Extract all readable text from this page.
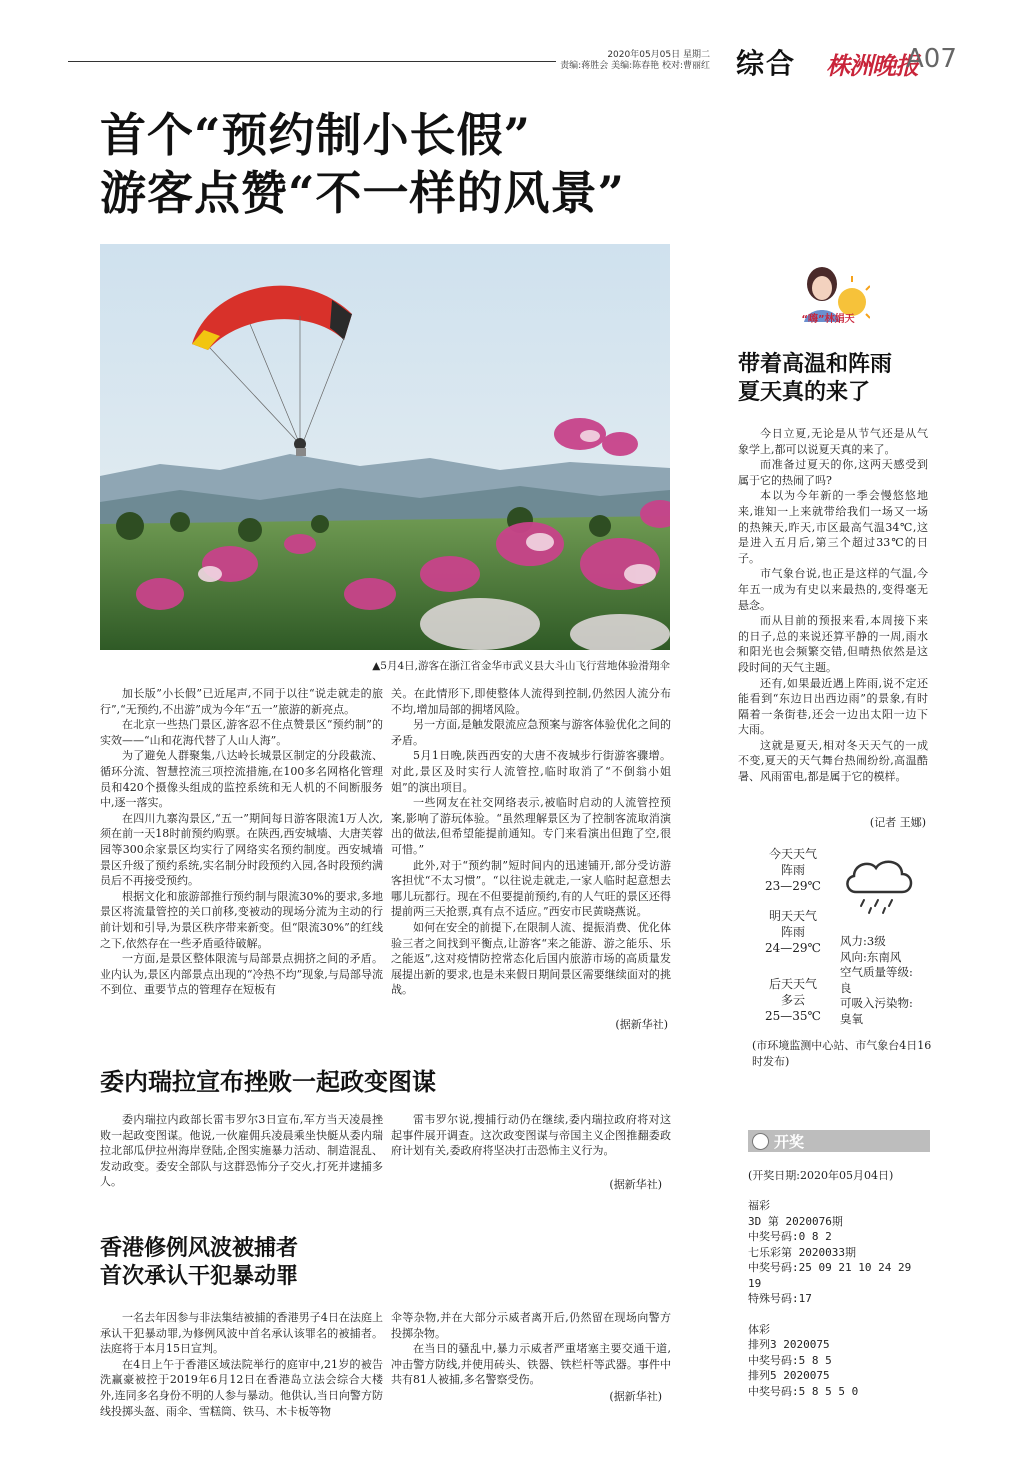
2020年05月05日 星期二
责编:蒋胜会 美编:陈春艳 校对:曹丽红 综合 株洲晚报
A07
首个“预约制小长假”
游客点赞“不一样的风景”
▲5月4日,游客在浙江省金华市武义县大斗山飞行营地体验滑翔伞

加长版”小长假”已近尾声,不同于以往“说走就走的旅行”,“无预约,不出游”成为今年“五一”旅游的新亮点。

在北京一些热门景区,游客忍不住点赞景区“预约制”的实效——“山和花海代替了人山人海”。

为了避免人群聚集,八达岭长城景区制定的分段截流、循环分流、智慧控流三项控流措施,在100多名网格化管理员和420个摄像头组成的监控系统和无人机的不间断服务中,逐一落实。

在四川九寨沟景区,“五一”期间每日游客限流1万人次,须在前一天18时前预约购票。在陕西,西安城墙、大唐芙蓉园等300余家景区均实行了网络实名预约制度。西安城墙景区升级了预约系统,实名制分时段预约入园,各时段预约满员后不再接受预约。

根据文化和旅游部推行预约制与限流30%的要求,多地景区将流量管控的关口前移,变被动的现场分流为主动的行前计划和引导,为景区秩序带来新变。但“限流30%”的红线之下,依然存在一些矛盾亟待破解。

一方面,是景区整体限流与局部景点拥挤之间的矛盾。业内认为,景区内部景点出现的“冷热不均”现象,与局部导流不到位、重要节点的管理存在短板有

关。在此情形下,即使整体人流得到控制,仍然因人流分布不均,增加局部的拥堵风险。

另一方面,是触发限流应急预案与游客体验优化之间的矛盾。

5月1日晚,陕西西安的大唐不夜城步行街游客骤增。对此,景区及时实行人流管控,临时取消了“不倒翁小姐姐”的演出项目。

一些网友在社交网络表示,被临时启动的人流管控预案,影响了游玩体验。“虽然理解景区为了控制客流取消演出的做法,但希望能提前通知。专门来看演出但跑了空,很可惜。”

此外,对于“预约制”短时间内的迅速铺开,部分受访游客担忧“不太习惯”。“以往说走就走,一家人临时起意想去哪儿玩都行。现在不但要提前预约,有的人气旺的景区还得提前两三天抢票,真有点不适应。”西安市民黄晓燕说。

如何在安全的前提下,在限制人流、提振消费、优化体验三者之间找到平衡点,让游客“来之能游、游之能乐、乐之能返”,这对疫情防控常态化后国内旅游市场的高质量发展提出新的要求,也是未来假日期间景区需要继续面对的挑战。

(据新华社)
委内瑞拉宣布挫败一起政变图谋

委内瑞拉内政部长雷韦罗尔3日宣布,军方当天凌晨挫败一起政变图谋。他说,一伙雇佣兵凌晨乘坐快艇从委内瑞拉北部瓜伊拉州海岸登陆,企图实施暴力活动、制造混乱、发动政变。委安全部队与这群恐怖分子交火,打死并逮捕多人。

雷韦罗尔说,搜捕行动仍在继续,委内瑞拉政府将对这起事件展开调查。这次政变图谋与帝国主义企图推翻委政府计划有关,委政府将坚决打击恐怖主义行为。

(据新华社)
香港修例风波被捕者
首次承认干犯暴动罪

一名去年因参与非法集结被捕的香港男子4日在法庭上承认干犯暴动罪,为修例风波中首名承认该罪名的被捕者。法庭将于本月15日宣判。

在4日上午于香港区域法院举行的庭审中,21岁的被告洗赢豪被控于2019年6月12日在香港岛立法会综合大楼外,连同多名身份不明的人参与暴动。他供认,当日向警方防线投掷头盔、雨伞、雪糕筒、铁马、木卡板等物

伞等杂物,并在大部分示威者离开后,仍然留在现场向警方投掷杂物。

在当日的骚乱中,暴力示威者严重堵塞主要交通干道,冲击警方防线,并使用砖头、铁器、铁栏杆等武器。事件中共有81人被捕,多名警察受伤。

(据新华社)
“嗨”林娟天
带着高温和阵雨
夏天真的来了

今日立夏,无论是从节气还是从气象学上,都可以说夏天真的来了。

而准备过夏天的你,这两天感受到属于它的热闹了吗?

本以为今年新的一季会慢悠悠地来,谁知一上来就带给我们一场又一场的热辣天,昨天,市区最高气温34℃,这是进入五月后,第三个超过33℃的日子。

市气象台说,也正是这样的气温,今年五一成为有史以来最热的,变得毫无悬念。

而从目前的预报来看,本周接下来的日子,总的来说还算平静的一周,雨水和阳光也会频繁交错,但晴热依然是这段时间的天气主题。

还有,如果最近遇上阵雨,说不定还能看到“东边日出西边雨”的景象,有时隔着一条街巷,还会一边出太阳一边下大雨。

这就是夏天,相对冬天天气的一成不变,夏天的天气舞台热闹纷纷,高温酷暑、风雨雷电,都是属于它的模样。

(记者 王娜)
今天天气
阵雨
23—29℃
明天天气
阵雨
24—29℃
后天天气
多云
25—35℃
风力:3级
风向:东南风
空气质量等级:
良
可吸入污染物:
臭氧
(市环境监测中心站、市气象台4日16时发布)
开奖
(开奖日期:2020年05月04日)
福彩
3D 第 2020076期
中奖号码:0 8 2
七乐彩第 2020033期
中奖号码:25 09 21 10 24 29 19
特殊号码:17
体彩
排列3 2020075
中奖号码:5 8 5
排列5 2020075
中奖号码:5 8 5 5 0
